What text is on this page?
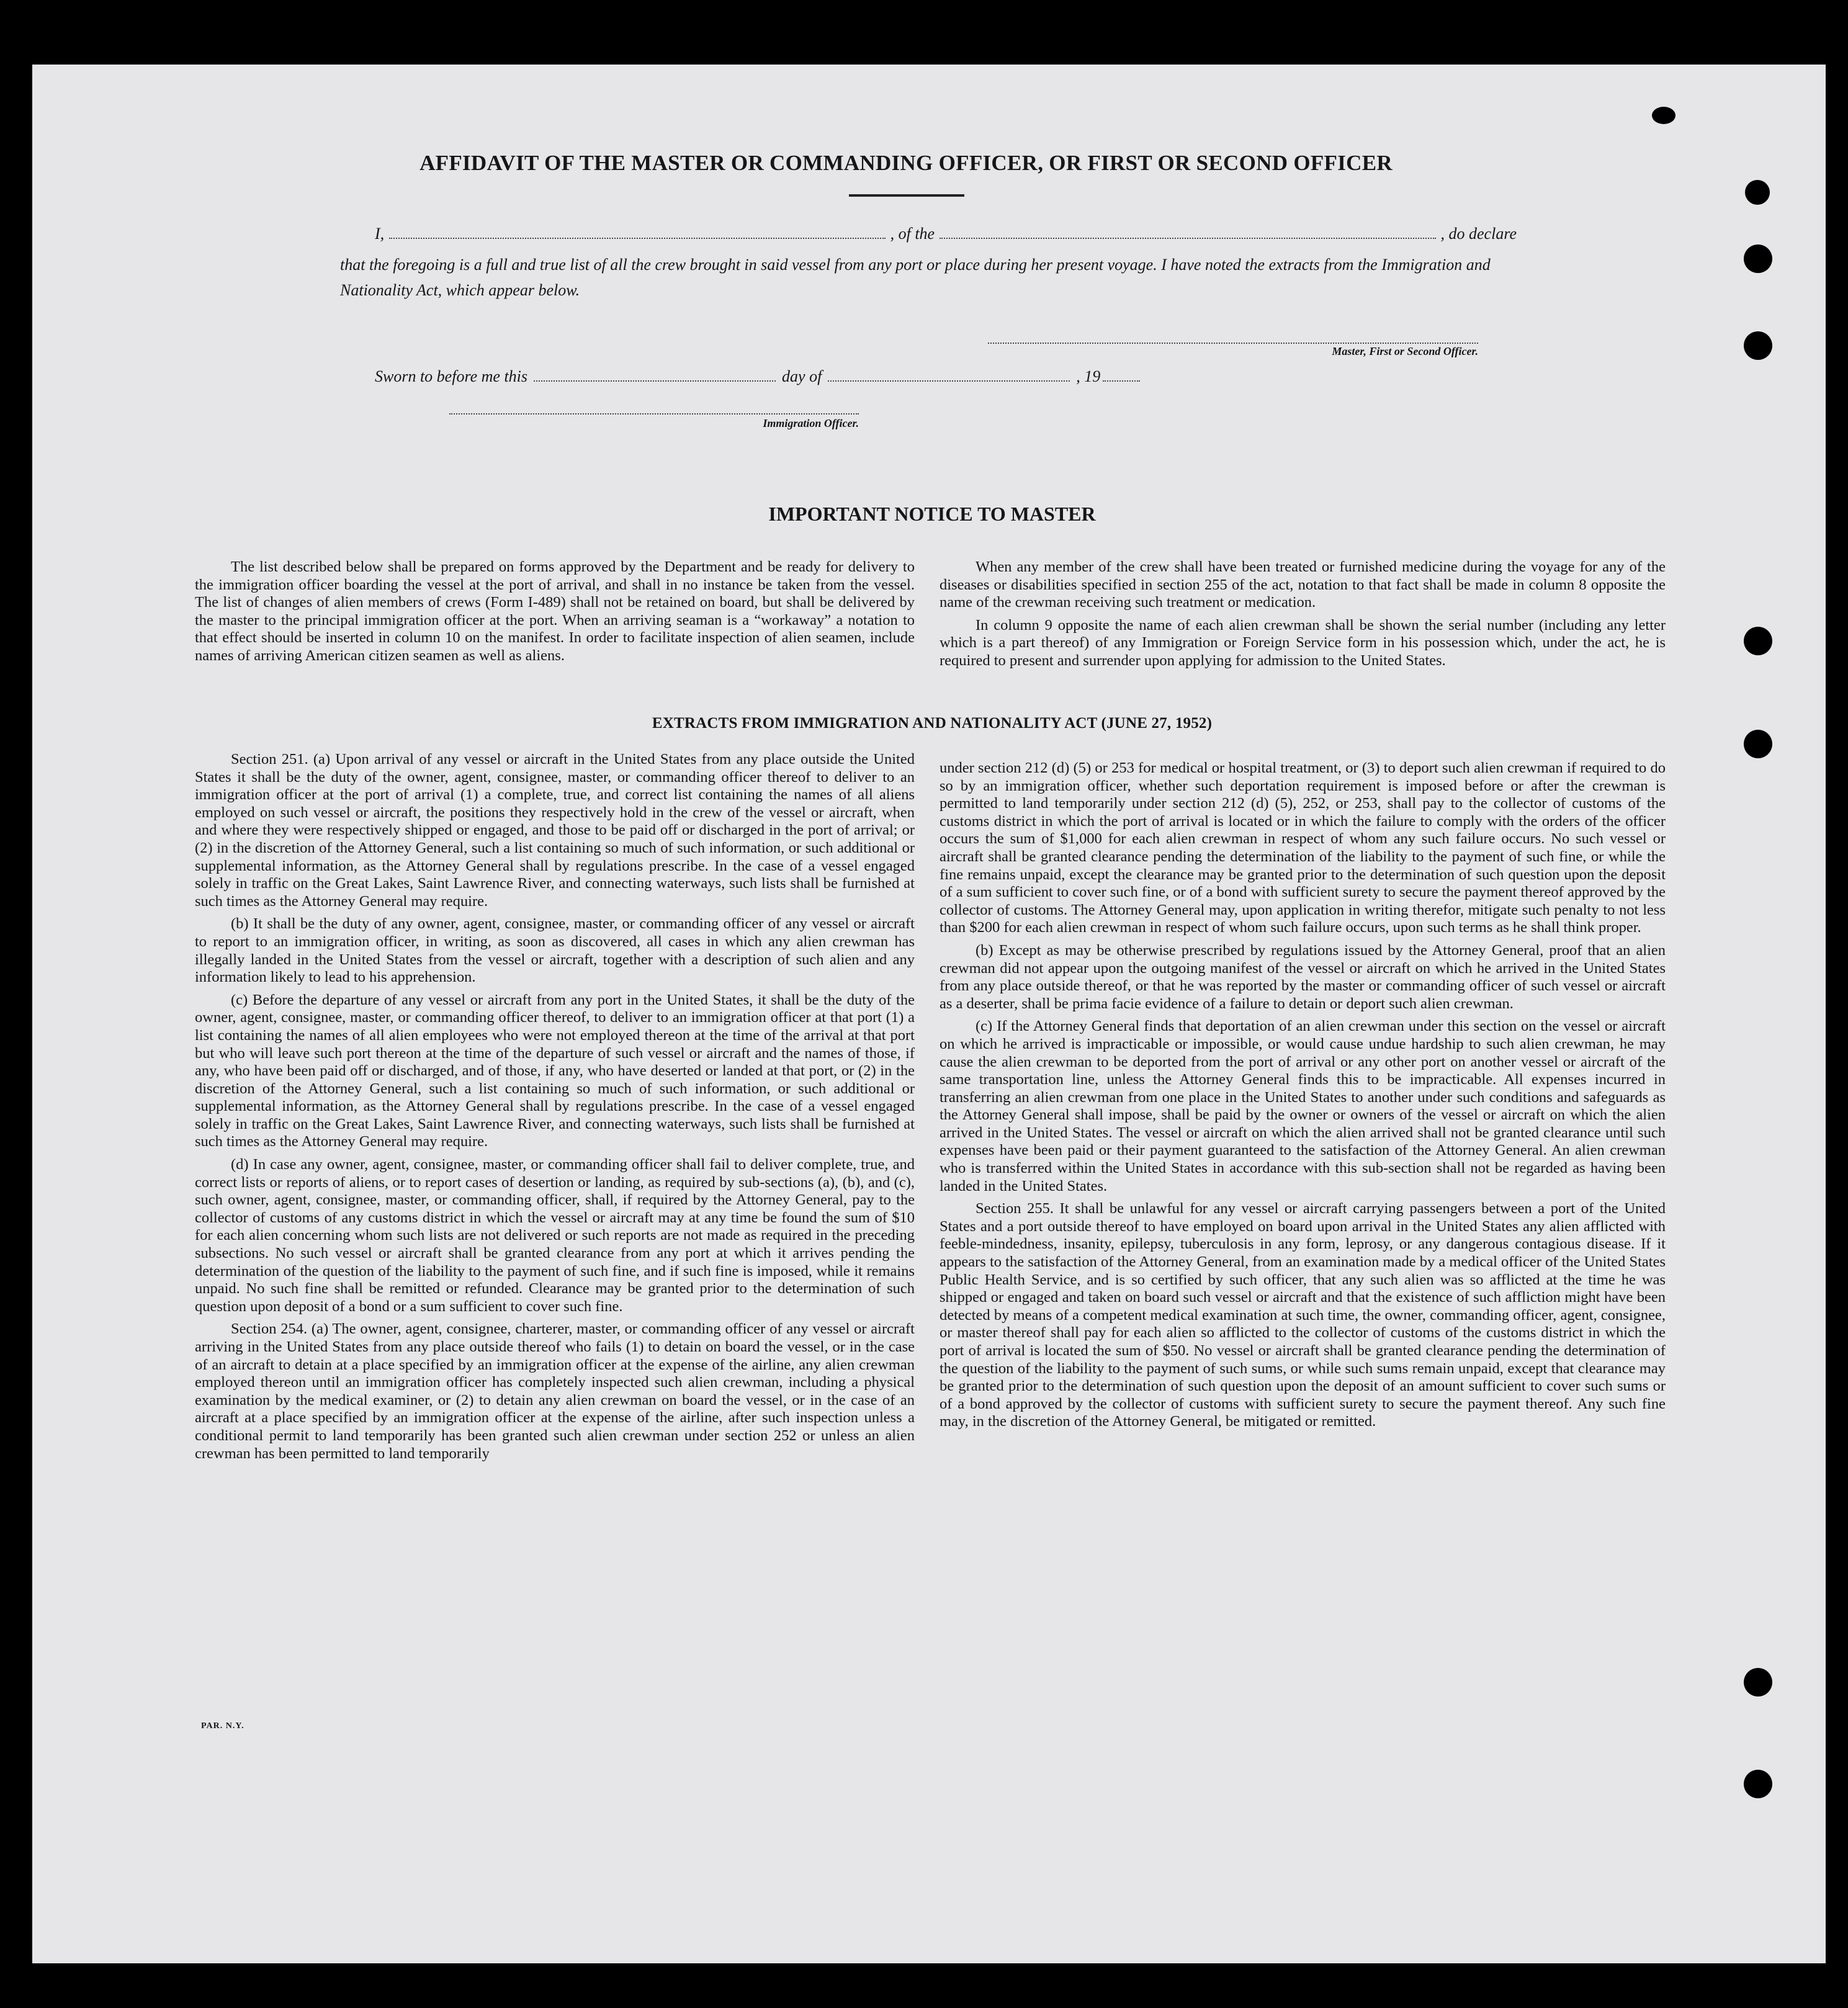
AFFIDAVIT OF THE MASTER OR COMMANDING OFFICER, OR FIRST OR SECOND OFFICER
I,	, of the	, do declare
that the foregoing is a full and true list of all the crew brought in said vessel from any port or place during her present voyage. I have noted the extracts from the Immigration and Nationality Act, which appear below.
Master, First or Second Officer.
Sworn to before me this	day of	, 19
Immigration Officer.
IMPORTANT NOTICE TO MASTER

The list described below shall be prepared on forms approved by the Department and be ready for delivery to the immigration officer boarding the vessel at the port of arrival, and shall in no instance be taken from the vessel. The list of changes of alien members of crews (Form I-489) shall not be retained on board, but shall be delivered by the master to the principal immigration officer at the port. When an arriving seaman is a “workaway” a notation to that effect should be inserted in column 10 on the manifest. In order to facilitate inspection of alien seamen, include names of arriving American citizen seamen as well as aliens.

When any member of the crew shall have been treated or furnished medicine during the voyage for any of the diseases or disabilities specified in section 255 of the act, notation to that fact shall be made in column 8 opposite the name of the crewman receiving such treatment or medication.

In column 9 opposite the name of each alien crewman shall be shown the serial number (including any letter which is a part thereof) of any Immigration or Foreign Service form in his possession which, under the act, he is required to present and surrender upon applying for admission to the United States.

EXTRACTS FROM IMMIGRATION AND NATIONALITY ACT (JUNE 27, 1952)

Section 251. (a) Upon arrival of any vessel or aircraft in the United States from any place outside the United States it shall be the duty of the owner, agent, consignee, master, or commanding officer thereof to deliver to an immigration officer at the port of arrival (1) a complete, true, and correct list containing the names of all aliens employed on such vessel or aircraft, the positions they respectively hold in the crew of the vessel or aircraft, when and where they were respectively shipped or engaged, and those to be paid off or discharged in the port of arrival; or (2) in the discretion of the Attorney General, such a list containing so much of such information, or such additional or supplemental information, as the Attorney General shall by regulations prescribe. In the case of a vessel engaged solely in traffic on the Great Lakes, Saint Lawrence River, and connecting waterways, such lists shall be furnished at such times as the Attorney General may require.

(b) It shall be the duty of any owner, agent, consignee, master, or commanding officer of any vessel or aircraft to report to an immigration officer, in writing, as soon as discovered, all cases in which any alien crewman has illegally landed in the United States from the vessel or aircraft, together with a description of such alien and any information likely to lead to his apprehension.

(c) Before the departure of any vessel or aircraft from any port in the United States, it shall be the duty of the owner, agent, consignee, master, or commanding officer thereof, to deliver to an immigration officer at that port (1) a list containing the names of all alien employees who were not employed thereon at the time of the arrival at that port but who will leave such port thereon at the time of the departure of such vessel or aircraft and the names of those, if any, who have been paid off or discharged, and of those, if any, who have deserted or landed at that port, or (2) in the discretion of the Attorney General, such a list containing so much of such information, or such additional or supplemental information, as the Attorney General shall by regulations prescribe. In the case of a vessel engaged solely in traffic on the Great Lakes, Saint Lawrence River, and connecting waterways, such lists shall be furnished at such times as the Attorney General may require.

(d) In case any owner, agent, consignee, master, or commanding officer shall fail to deliver complete, true, and correct lists or reports of aliens, or to report cases of desertion or landing, as required by sub-sections (a), (b), and (c), such owner, agent, consignee, master, or commanding officer, shall, if required by the Attorney General, pay to the collector of customs of any customs district in which the vessel or aircraft may at any time be found the sum of $10 for each alien concerning whom such lists are not delivered or such reports are not made as required in the preceding subsections. No such vessel or aircraft shall be granted clearance from any port at which it arrives pending the determination of the question of the liability to the payment of such fine, and if such fine is imposed, while it remains unpaid. No such fine shall be remitted or refunded. Clearance may be granted prior to the determination of such question upon deposit of a bond or a sum sufficient to cover such fine.

Section 254. (a) The owner, agent, consignee, charterer, master, or commanding officer of any vessel or aircraft arriving in the United States from any place outside thereof who fails (1) to detain on board the vessel, or in the case of an aircraft to detain at a place specified by an immigration officer at the expense of the airline, any alien crewman employed thereon until an immigration officer has completely inspected such alien crewman, including a physical examination by the medical examiner, or (2) to detain any alien crewman on board the vessel, or in the case of an aircraft at a place specified by an immigration officer at the expense of the airline, after such inspection unless a conditional permit to land temporarily has been granted such alien crewman under section 252 or unless an alien crewman has been permitted to land temporarily

under section 212 (d) (5) or 253 for medical or hospital treatment, or (3) to deport such alien crewman if required to do so by an immigration officer, whether such deportation requirement is imposed before or after the crewman is permitted to land temporarily under section 212 (d) (5), 252, or 253, shall pay to the collector of customs of the customs district in which the port of arrival is located or in which the failure to comply with the orders of the officer occurs the sum of $1,000 for each alien crewman in respect of whom any such failure occurs. No such vessel or aircraft shall be granted clearance pending the determination of the liability to the payment of such fine, or while the fine remains unpaid, except the clearance may be granted prior to the determination of such question upon the deposit of a sum sufficient to cover such fine, or of a bond with sufficient surety to secure the payment thereof approved by the collector of customs. The Attorney General may, upon application in writing therefor, mitigate such penalty to not less than $200 for each alien crewman in respect of whom such failure occurs, upon such terms as he shall think proper.

(b) Except as may be otherwise prescribed by regulations issued by the Attorney General, proof that an alien crewman did not appear upon the outgoing manifest of the vessel or aircraft on which he arrived in the United States from any place outside thereof, or that he was reported by the master or commanding officer of such vessel or aircraft as a deserter, shall be prima facie evidence of a failure to detain or deport such alien crewman.

(c) If the Attorney General finds that deportation of an alien crewman under this section on the vessel or aircraft on which he arrived is impracticable or impossible, or would cause undue hardship to such alien crewman, he may cause the alien crewman to be deported from the port of arrival or any other port on another vessel or aircraft of the same transportation line, unless the Attorney General finds this to be impracticable. All expenses incurred in transferring an alien crewman from one place in the United States to another under such conditions and safeguards as the Attorney General shall impose, shall be paid by the owner or owners of the vessel or aircraft on which the alien arrived in the United States. The vessel or aircraft on which the alien arrived shall not be granted clearance until such expenses have been paid or their payment guaranteed to the satisfaction of the Attorney General. An alien crewman who is transferred within the United States in accordance with this sub-section shall not be regarded as having been landed in the United States.

Section 255. It shall be unlawful for any vessel or aircraft carrying passengers between a port of the United States and a port outside thereof to have employed on board upon arrival in the United States any alien afflicted with feeble-mindedness, insanity, epilepsy, tuberculosis in any form, leprosy, or any dangerous contagious disease. If it appears to the satisfaction of the Attorney General, from an examination made by a medical officer of the United States Public Health Service, and is so certified by such officer, that any such alien was so afflicted at the time he was shipped or engaged and taken on board such vessel or aircraft and that the existence of such affliction might have been detected by means of a competent medical examination at such time, the owner, commanding officer, agent, consignee, or master thereof shall pay for each alien so afflicted to the collector of customs of the customs district in which the port of arrival is located the sum of $50. No vessel or aircraft shall be granted clearance pending the determination of the question of the liability to the payment of such sums, or while such sums remain unpaid, except that clearance may be granted prior to the determination of such question upon the deposit of an amount sufficient to cover such sums or of a bond approved by the collector of customs with sufficient surety to secure the payment thereof. Any such fine may, in the discretion of the Attorney General, be mitigated or remitted.

PAR. N.Y.
